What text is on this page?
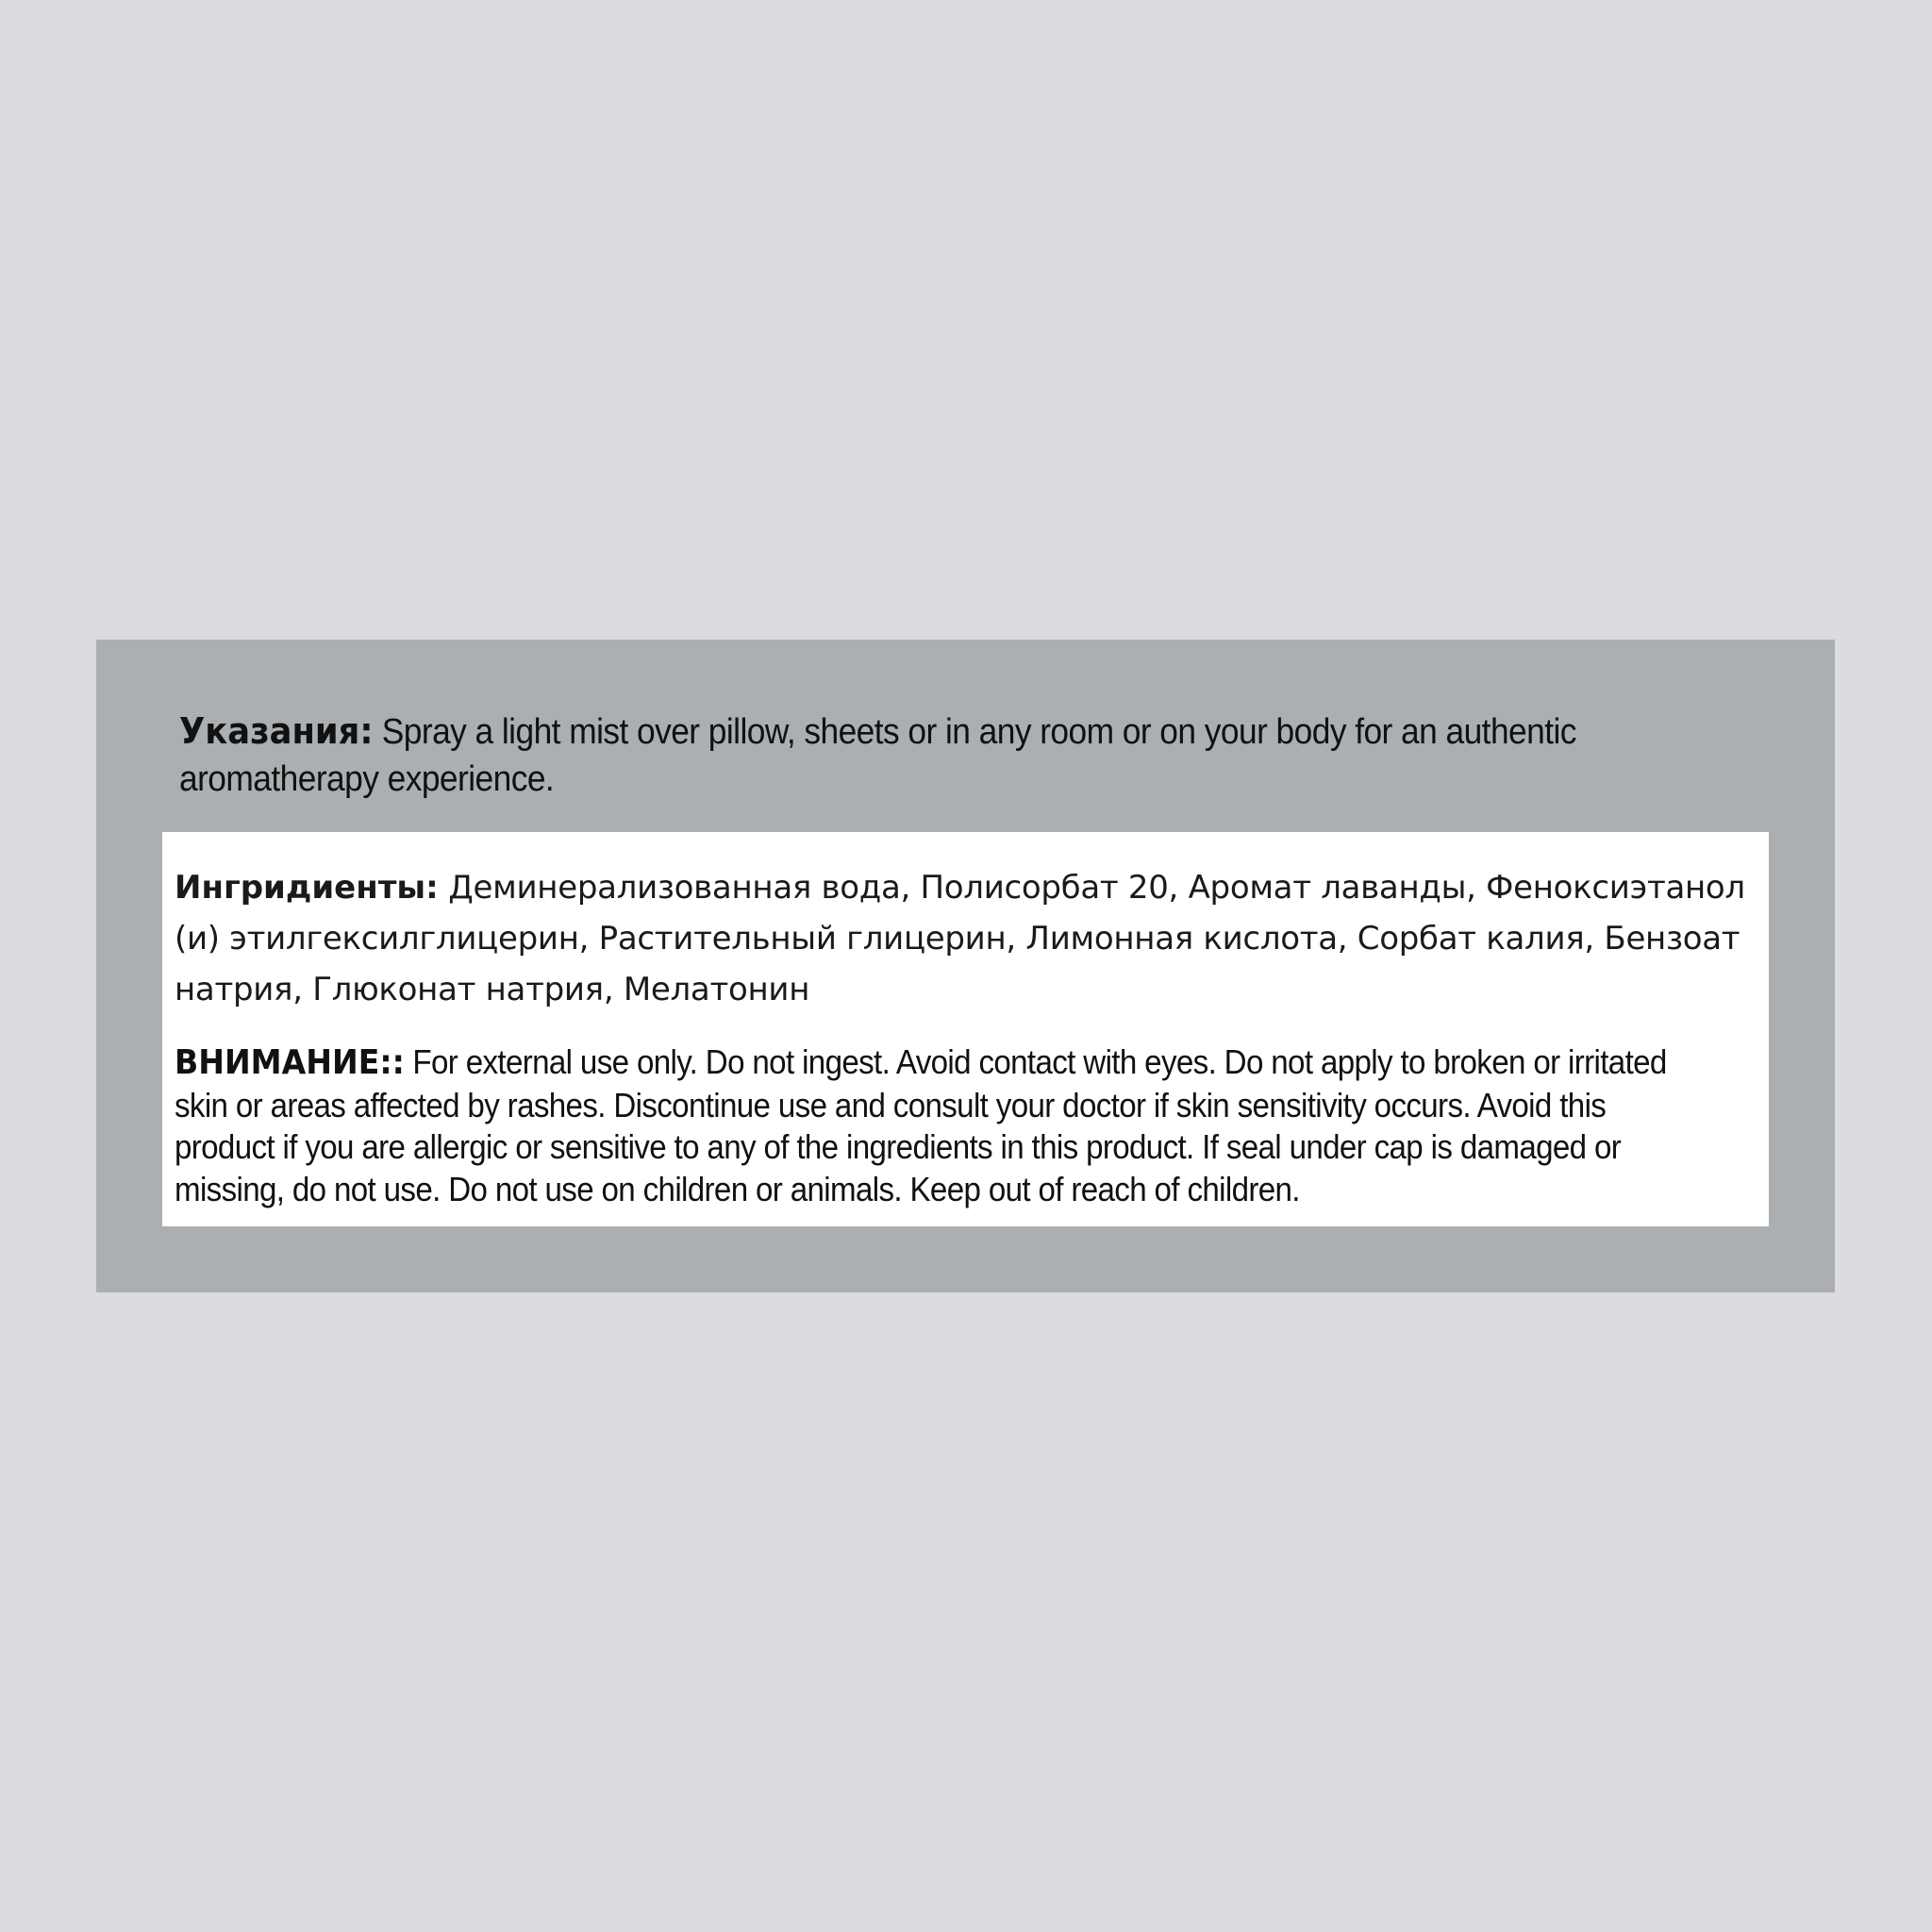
Указания: Spray a light mist over pillow, sheets or in any room or on your body for an authentic aromatherapy experience.

Ингридиенты: Деминерализованная вода, Полисорбат 20, Аромат лаванды, Феноксиэтанол (и) этилгексилглицерин, Растительный глицерин, Лимонная кислота, Сорбат калия, Бензоат натрия, Глюконат натрия, Мелатонин

ВНИМАНИЕ:: For external use only. Do not ingest. Avoid contact with eyes. Do not apply to broken or irritated skin or areas affected by rashes. Discontinue use and consult your doctor if skin sensitivity occurs. Avoid this product if you are allergic or sensitive to any of the ingredients in this product. If seal under cap is damaged or missing, do not use. Do not use on children or animals. Keep out of reach of children.
